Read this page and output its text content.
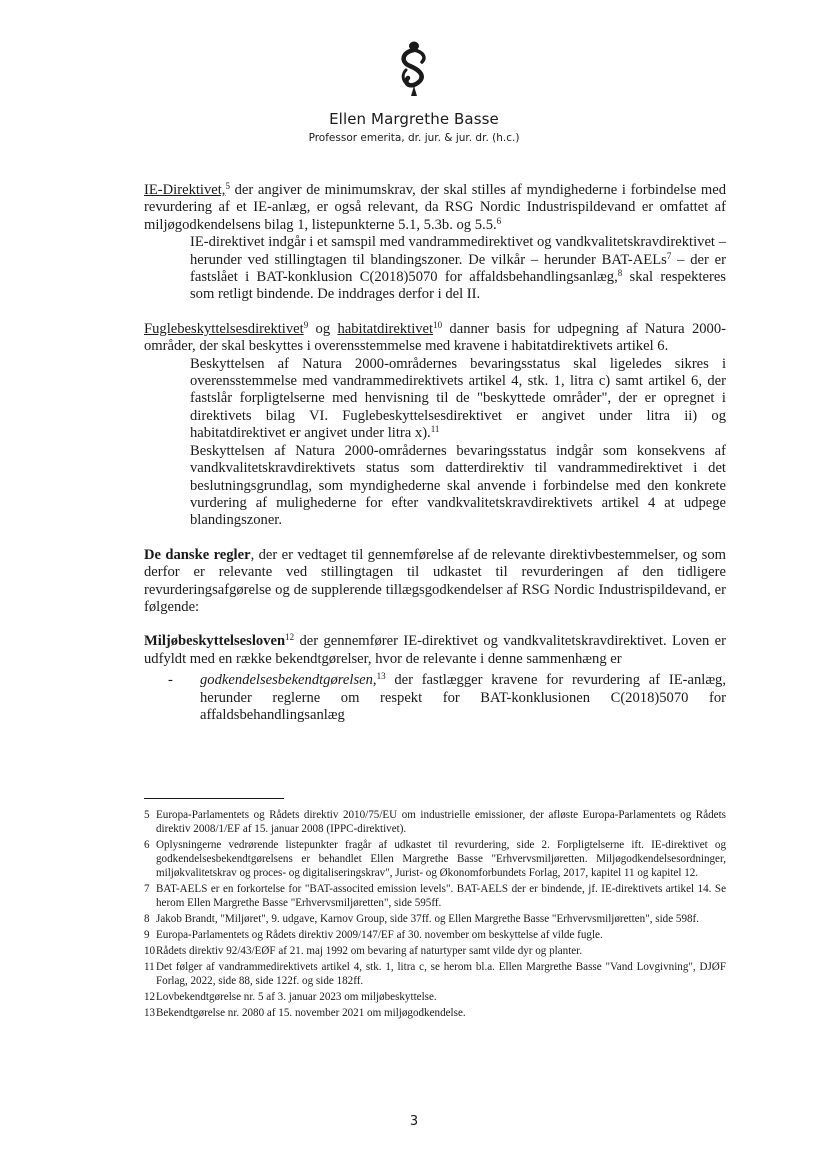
Ellen Margrethe Basse
Professor emerita, dr. jur. & jur. dr. (h.c.)

IE-Direktivet,$^5$ der angiver de minimumskrav, der skal stilles af myndighederne i forbindelse med revurdering af et IE-anlæg, er også relevant, da RSG Nordic Industrispildevand er omfattet af miljøgodkendelsens bilag 1, listepunkterne 5.1, 5.3b. og 5.5.$^6$

IE-direktivet indgår i et samspil med vandrammedirektivet og vandkvalitetskravdirektivet – herunder ved stillingtagen til blandingszoner. De vilkår – herunder BAT-AELs$^7$ – der er fastslået i BAT-konklusion C(2018)5070 for affaldsbehandlingsanlæg,$^8$ skal respekteres som retligt bindende. De inddrages derfor i del II.

Fuglebeskyttelsesdirektivet$^9$ og habitatdirektivet$^{10}$ danner basis for udpegning af Natura 2000-områder, der skal beskyttes i overensstemmelse med kravene i habitatdirektivets artikel 6.

Beskyttelsen af Natura 2000-områdernes bevaringsstatus skal ligeledes sikres i overensstemmelse med vandrammedirektivets artikel 4, stk. 1, litra c) samt artikel 6, der fastslår forpligtelserne med henvisning til de "beskyttede områder", der er opregnet i direktivets bilag VI. Fuglebeskyttelsesdirektivet er angivet under litra ii) og habitatdirektivet er angivet under litra x).$^{11}$

Beskyttelsen af Natura 2000-områdernes bevaringsstatus indgår som konsekvens af vandkvalitetskravdirektivets status som datterdirektiv til vandrammedirektivet i det beslutningsgrundlag, som myndighederne skal anvende i forbindelse med den konkrete vurdering af mulighederne for efter vandkvalitetskravdirektivets artikel 4 at udpege blandingszoner.

De danske regler, der er vedtaget til gennemførelse af de relevante direktivbestemmelser, og som derfor er relevante ved stillingtagen til udkastet til revurderingen af den tidligere revurderingsafgørelse og de supplerende tillægsgodkendelser af RSG Nordic Industrispildevand, er følgende:

Miljøbeskyttelsesloven$^{12}$ der gennemfører IE-direktivet og vandkvalitetskravdirektivet. Loven er udfyldt med en række bekendtgørelser, hvor de relevante i denne sammenhæng er

-	godkendelsesbekendtgørelsen,$^{13}$ der fastlægger kravene for revurdering af IE-anlæg, herunder reglerne om respekt for BAT-konklusionen C(2018)5070 for affaldsbehandlingsanlæg
5 Europa-Parlamentets og Rådets direktiv 2010/75/EU om industrielle emissioner, der afløste Europa-Parlamentets og Rådets direktiv 2008/1/EF af 15. januar 2008 (IPPC-direktivet).
6 Oplysningerne vedrørende listepunkter fragår af udkastet til revurdering, side 2. Forpligtelserne ift. IE-direktivet og godkendelsesbekendtgørelsens er behandlet Ellen Margrethe Basse "Erhvervsmiljøretten. Miljøgodkendelsesordninger, miljøkvalitetskrav og proces- og digitaliseringskrav", Jurist- og Økonomforbundets Forlag, 2017, kapitel 11 og kapitel 12.
7 BAT-AELS er en forkortelse for "BAT-associted emission levels". BAT-AELS der er bindende, jf. IE-direktivets artikel 14. Se herom Ellen Margrethe Basse "Erhvervsmiljøretten", side 595ff.
8 Jakob Brandt, "Miljøret", 9. udgave, Karnov Group, side 37ff. og Ellen Margrethe Basse "Erhvervsmiljøretten", side 598f.
9 Europa-Parlamentets og Rådets direktiv 2009/147/EF af 30. november om beskyttelse af vilde fugle.
10 Rådets direktiv 92/43/EØF af 21. maj 1992 om bevaring af naturtyper samt vilde dyr og planter.
11 Det følger af vandrammedirektivets artikel 4, stk. 1, litra c, se herom bl.a. Ellen Margrethe Basse "Vand Lovgivning", DJØF Forlag, 2022, side 88, side 122f. og side 182ff.
12 Lovbekendtgørelse nr. 5 af 3. januar 2023 om miljøbeskyttelse.
13 Bekendtgørelse nr. 2080 af 15. november 2021 om miljøgodkendelse.
3
